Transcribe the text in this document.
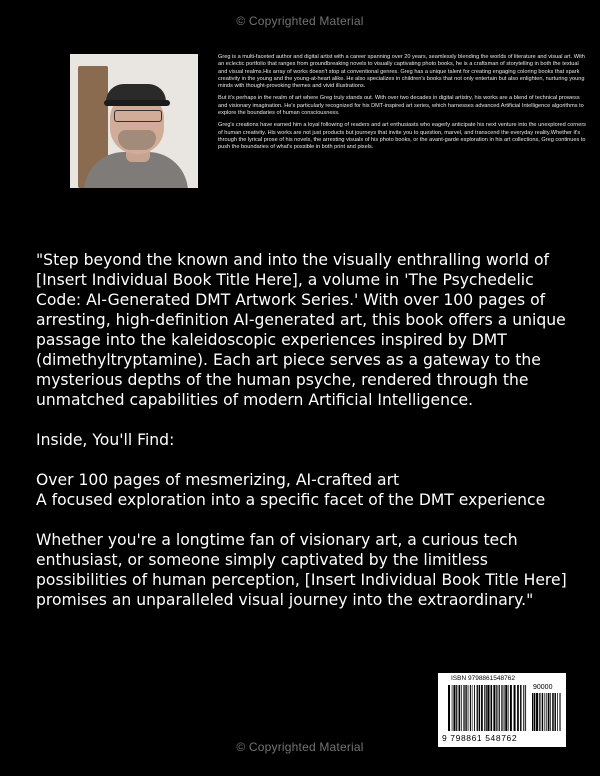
© Copyrighted Material

Greg is a multi-faceted author and digital artist with a career spanning over 20 years, seamlessly blending the worlds of literature and visual art. With an eclectic portfolio that ranges from groundbreaking novels to visually captivating photo books, he is a craftsman of storytelling in both the textual and visual realms.His array of works doesn't stop at conventional genres. Greg has a unique talent for creating engaging coloring books that spark creativity in the young and the young-at-heart alike. He also specializes in children's books that not only entertain but also enlighten, nurturing young minds with thought-provoking themes and vivid illustrations.

But it's perhaps in the realm of art where Greg truly stands out. With over two decades in digital artistry, his works are a blend of technical prowess and visionary imagination. He's particularly recognized for his DMT-inspired art series, which harnesses advanced Artificial Intelligence algorithms to explore the boundaries of human consciousness.

Greg's creations have earned him a loyal following of readers and art enthusiasts who eagerly anticipate his next venture into the unexplored corners of human creativity. His works are not just products but journeys that invite you to question, marvel, and transcend the everyday reality.Whether it's through the lyrical prose of his novels, the arresting visuals of his photo books, or the avant-garde exploration in his art collections, Greg continues to push the boundaries of what's possible in both print and pixels.

"Step beyond the known and into the visually enthralling world of [Insert Individual Book Title Here], a volume in 'The Psychedelic Code: AI-Generated DMT Artwork Series.' With over 100 pages of arresting, high-definition AI-generated art, this book offers a unique passage into the kaleidoscopic experiences inspired by DMT (dimethyltryptamine). Each art piece serves as a gateway to the mysterious depths of the human psyche, rendered through the unmatched capabilities of modern Artificial Intelligence.

Inside, You'll Find:

Over 100 pages of mesmerizing, AI-crafted art

A focused exploration into a specific facet of the DMT experience

Whether you're a longtime fan of visionary art, a curious tech enthusiast, or someone simply captivated by the limitless possibilities of human perception, [Insert Individual Book Title Here] promises an unparalleled visual journey into the extraordinary."

ISBN 9798861548762
90000
9 798861 548762
© Copyrighted Material
